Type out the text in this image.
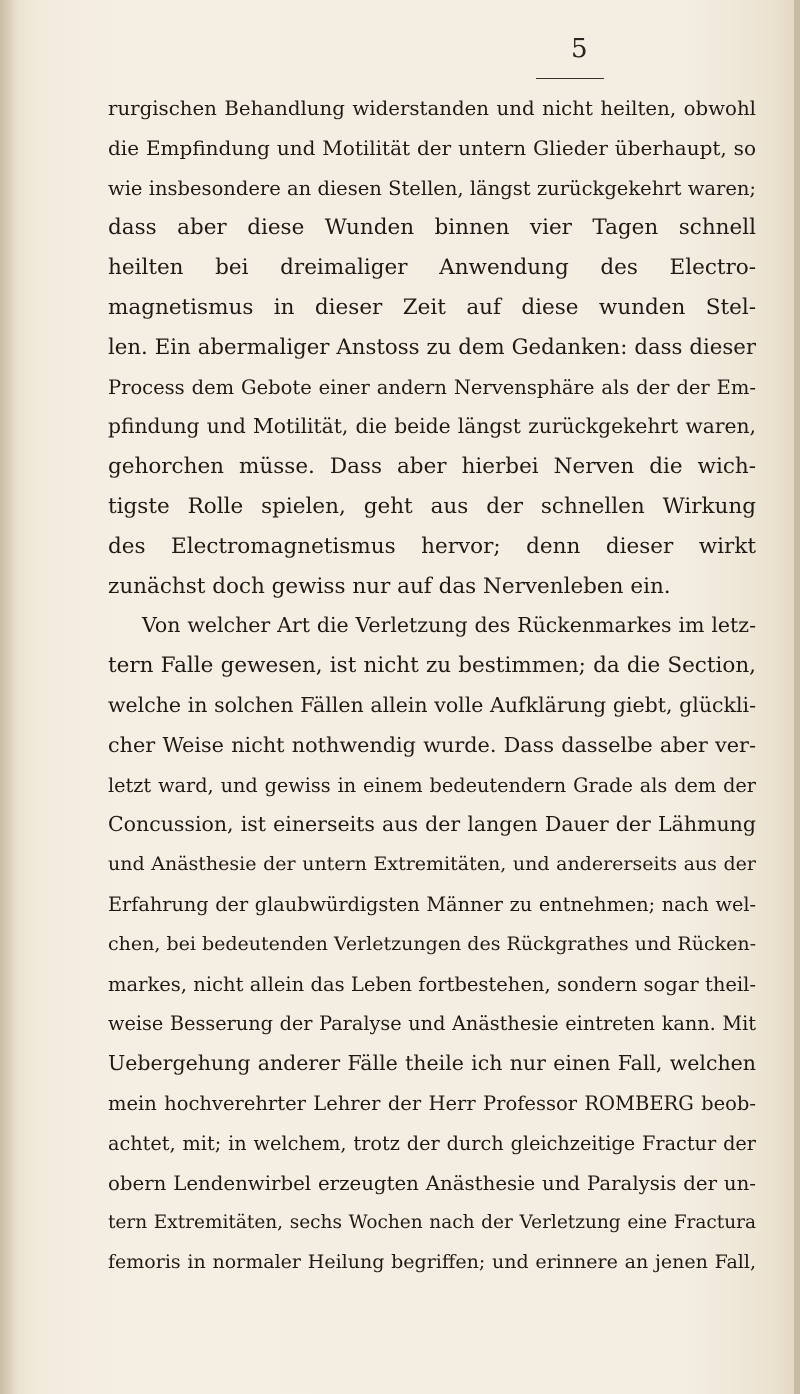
5
rurgischen Behandlung widerstanden und nicht heilten, obwohl
die Empfindung und Motilität der untern Glieder überhaupt, so
wie insbesondere an diesen Stellen, längst zurückgekehrt waren;
dass aber diese Wunden binnen vier Tagen schnell
heilten bei dreimaliger Anwendung des Electro-
magnetismus in dieser Zeit auf diese wunden Stel-
len. Ein abermaliger Anstoss zu dem Gedanken: dass dieser
Process dem Gebote einer andern Nervensphäre als der der Em-
pfindung und Motilität, die beide längst zurückgekehrt waren,
gehorchen müsse. Dass aber hierbei Nerven die wich-
tigste Rolle spielen, geht aus der schnellen Wirkung
des Electromagnetismus hervor; denn dieser wirkt
zunächst doch gewiss nur auf das Nervenleben ein.
Von welcher Art die Verletzung des Rückenmarkes im letz-
tern Falle gewesen, ist nicht zu bestimmen; da die Section,
welche in solchen Fällen allein volle Aufklärung giebt, glückli-
cher Weise nicht nothwendig wurde. Dass dasselbe aber ver-
letzt ward, und gewiss in einem bedeutendern Grade als dem der
Concussion, ist einerseits aus der langen Dauer der Lähmung
und Anästhesie der untern Extremitäten, und andererseits aus der
Erfahrung der glaubwürdigsten Männer zu entnehmen; nach wel-
chen, bei bedeutenden Verletzungen des Rückgrathes und Rücken-
markes, nicht allein das Leben fortbestehen, sondern sogar theil-
weise Besserung der Paralyse und Anästhesie eintreten kann. Mit
Uebergehung anderer Fälle theile ich nur einen Fall, welchen
mein hochverehrter Lehrer der Herr Professor ROMBERG beob-
achtet, mit; in welchem, trotz der durch gleichzeitige Fractur der
obern Lendenwirbel erzeugten Anästhesie und Paralysis der un-
tern Extremitäten, sechs Wochen nach der Verletzung eine Fractura
femoris in normaler Heilung begriffen; und erinnere an jenen Fall,
